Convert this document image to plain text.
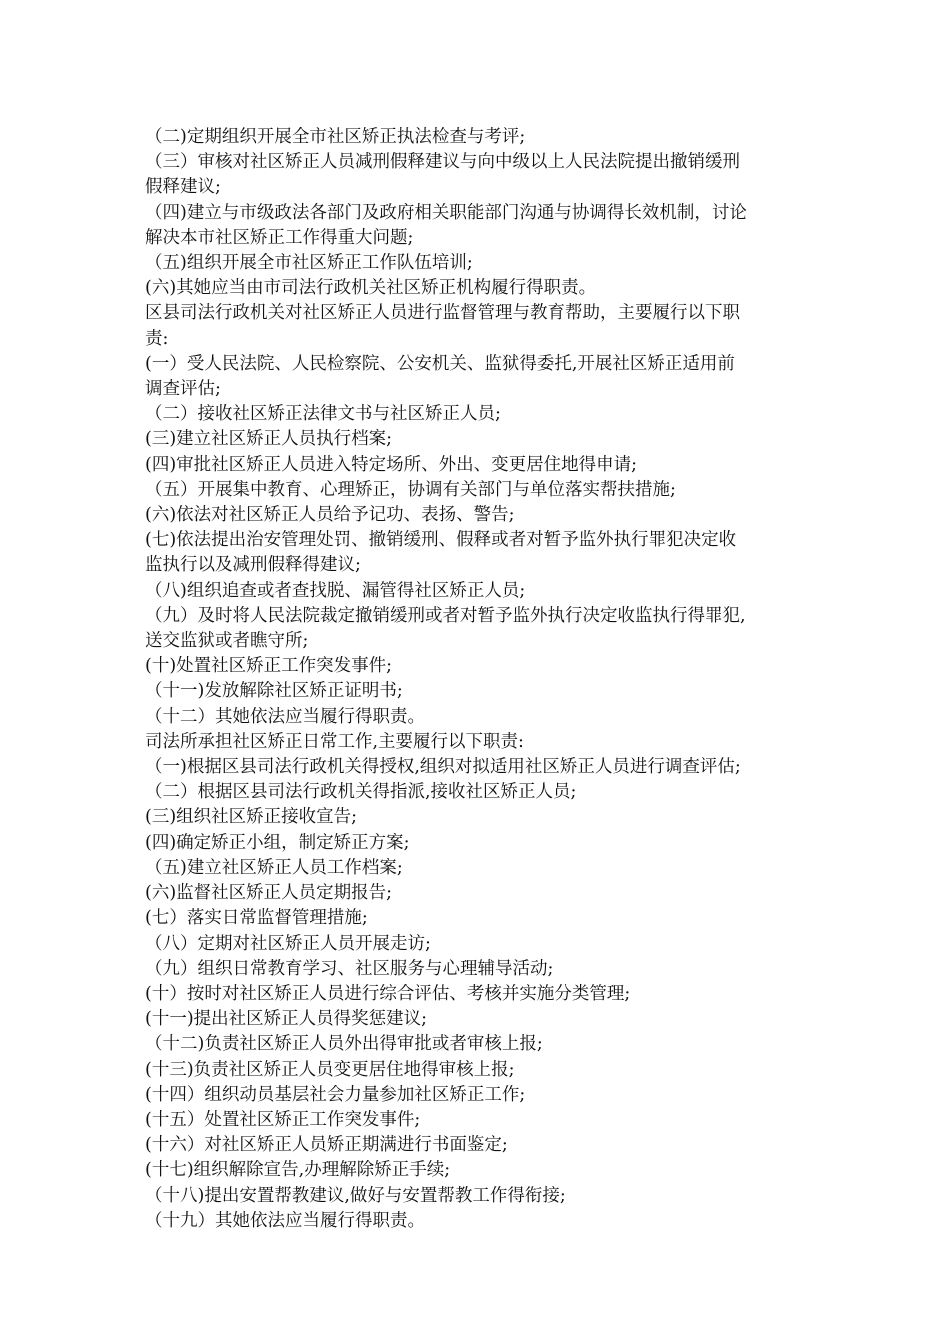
（二)定期组织开展全市社区矫正执法检查与考评;
（三）审核对社区矫正人员减刑假释建议与向中级以上人民法院提出撤销缓刑
假释建议;
（四)建立与市级政法各部门及政府相关职能部门沟通与协调得长效机制，讨论
解决本市社区矫正工作得重大问题;
（五)组织开展全市社区矫正工作队伍培训;
(六)其她应当由市司法行政机关社区矫正机构履行得职责。
区县司法行政机关对社区矫正人员进行监督管理与教育帮助，主要履行以下职
责:
(一）受人民法院、人民检察院、公安机关、监狱得委托,开展社区矫正适用前
调查评估;
（二）接收社区矫正法律文书与社区矫正人员;
(三)建立社区矫正人员执行档案;
(四)审批社区矫正人员进入特定场所、外出、变更居住地得申请;
（五）开展集中教育、心理矫正，协调有关部门与单位落实帮扶措施;
(六)依法对社区矫正人员给予记功、表扬、警告;
(七)依法提出治安管理处罚、撤销缓刑、假释或者对暂予监外执行罪犯决定收
监执行以及减刑假释得建议;
（八)组织追查或者查找脱、漏管得社区矫正人员;
（九）及时将人民法院裁定撤销缓刑或者对暂予监外执行决定收监执行得罪犯,
送交监狱或者瞧守所;
(十)处置社区矫正工作突发事件;
（十一)发放解除社区矫正证明书;
（十二）其她依法应当履行得职责。
司法所承担社区矫正日常工作,主要履行以下职责:
（一)根据区县司法行政机关得授权,组织对拟适用社区矫正人员进行调查评估;
（二）根据区县司法行政机关得指派,接收社区矫正人员;
(三)组织社区矫正接收宣告;
(四)确定矫正小组，制定矫正方案;
（五)建立社区矫正人员工作档案;
(六)监督社区矫正人员定期报告;
(七）落实日常监督管理措施;
（八）定期对社区矫正人员开展走访;
（九）组织日常教育学习、社区服务与心理辅导活动;
(十）按时对社区矫正人员进行综合评估、考核并实施分类管理;
(十一)提出社区矫正人员得奖惩建议;
（十二)负责社区矫正人员外出得审批或者审核上报;
(十三)负责社区矫正人员变更居住地得审核上报;
(十四）组织动员基层社会力量参加社区矫正工作;
(十五）处置社区矫正工作突发事件;
(十六）对社区矫正人员矫正期满进行书面鉴定;
(十七)组织解除宣告,办理解除矫正手续;
（十八)提出安置帮教建议,做好与安置帮教工作得衔接;
（十九）其她依法应当履行得职责。
